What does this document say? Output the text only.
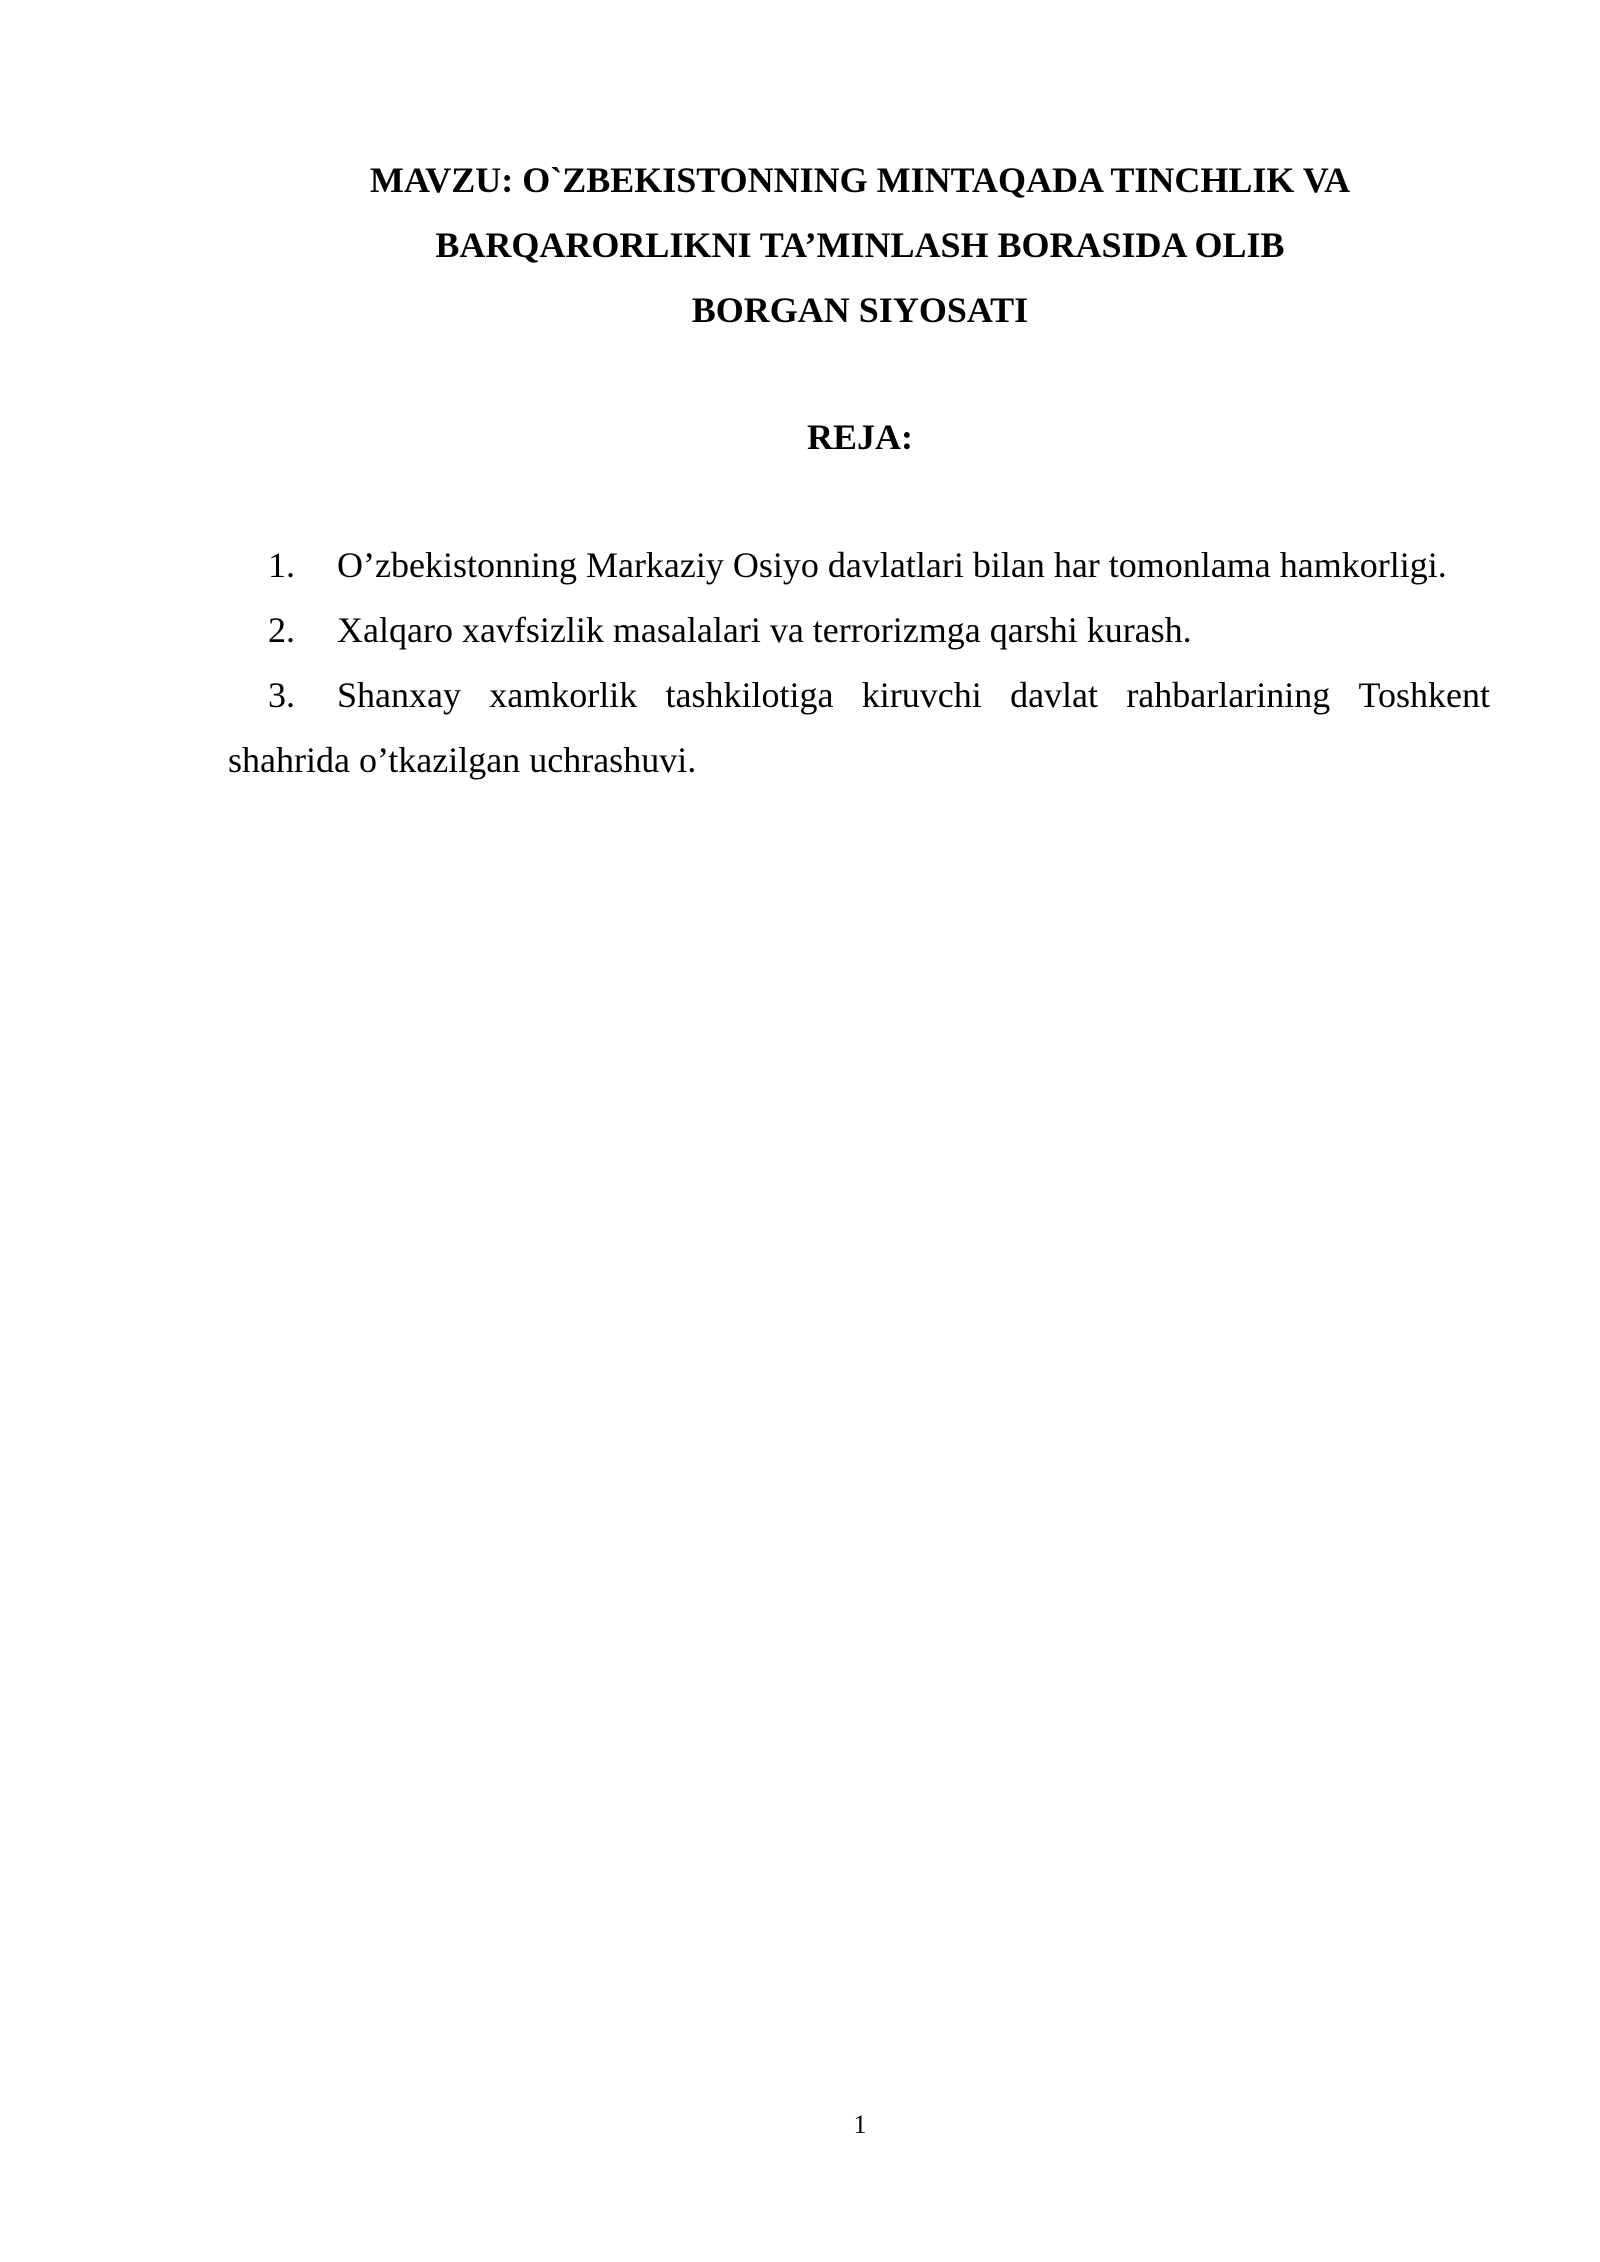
MAVZU: O`ZBEKISTONNING MINTAQADA TINCHLIK VA
BARQARORLIKNI TA’MINLASH BORASIDA OLIB
BORGAN SIYOSATI
REJA:
1.	O’zbekistonning Markaziy Osiyo davlatlari bilan har tomonlama hamkorligi.
2.	Xalqaro xavfsizlik masalalari va terrorizmga qarshi kurash.
3.	Shanxay xamkorlik tashkilotiga kiruvchi davlat rahbarlarining Toshkent
shahrida o’tkazilgan uchrashuvi.
1
